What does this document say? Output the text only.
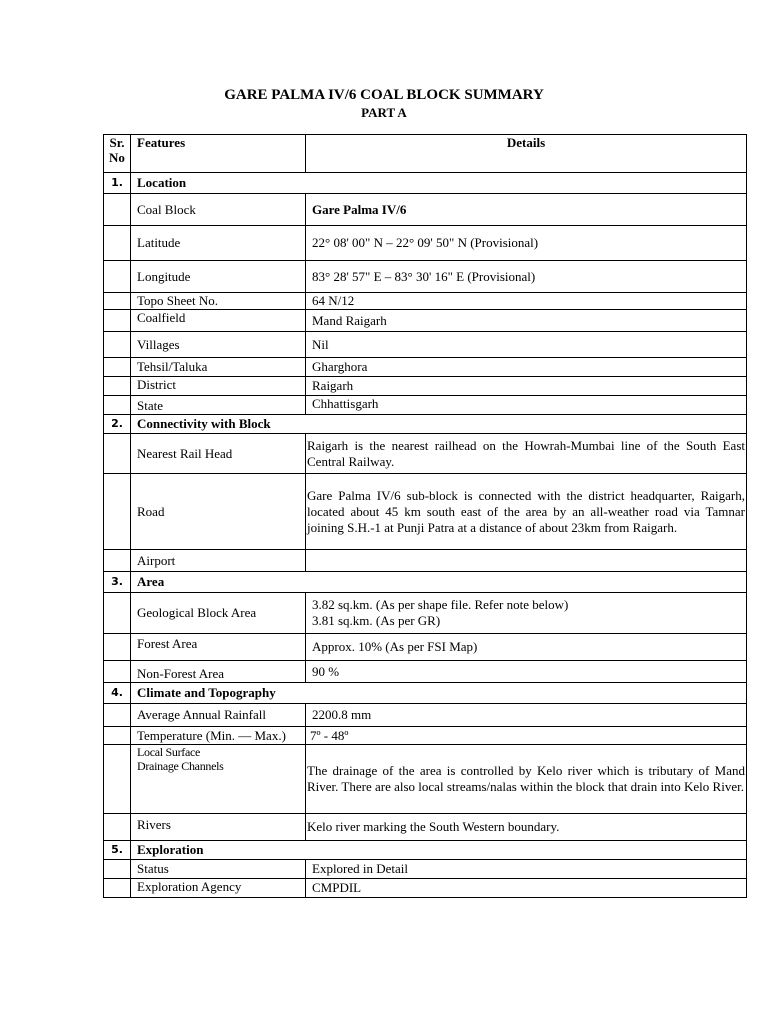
GARE PALMA IV/6 COAL BLOCK SUMMARY
PART A
Sr. No	Features	Details
1.	Location	
	Coal Block	Gare Palma IV/6
	Latitude	22° 08' 00" N – 22° 09' 50" N (Provisional)
	Longitude	83° 28' 57" E – 83° 30' 16" E (Provisional)
	Topo Sheet No.	64 N/12
	Coalfield	Mand Raigarh
	Villages	Nil
	Tehsil/Taluka	Gharghora
	District	Raigarh
	State	Chhattisgarh
2.	Connectivity with Block	
	Nearest Rail Head	Raigarh is the nearest railhead on the Howrah-Mumbai line of the South East Central Railway.
	Road	Gare Palma IV/6 sub-block is connected with the district headquarter, Raigarh, located about 45 km south east of the area by an all-weather road via Tamnar joining S.H.-1 at Punji Patra at a distance of about 23km from Raigarh.
	Airport	
3.	Area	
	Geological Block Area	3.82 sq.km. (As per shape file. Refer note below)
3.81 sq.km. (As per GR)

	Forest Area	Approx. 10% (As per FSI Map)
	Non-Forest Area	90 %
4.	Climate and Topography	
	Average Annual Rainfall	2200.8 mm
	Temperature (Min. — Max.)	7º - 48º

	Local Surface
Drainage Channels	The drainage of the area is controlled by Kelo river which is tributary of Mand River. There are also local streams/nalas within the block that drain into Kelo River.
	Rivers	Kelo river marking the South Western boundary.
5.	Exploration	
	Status	Explored in Detail
	Exploration Agency	CMPDIL
